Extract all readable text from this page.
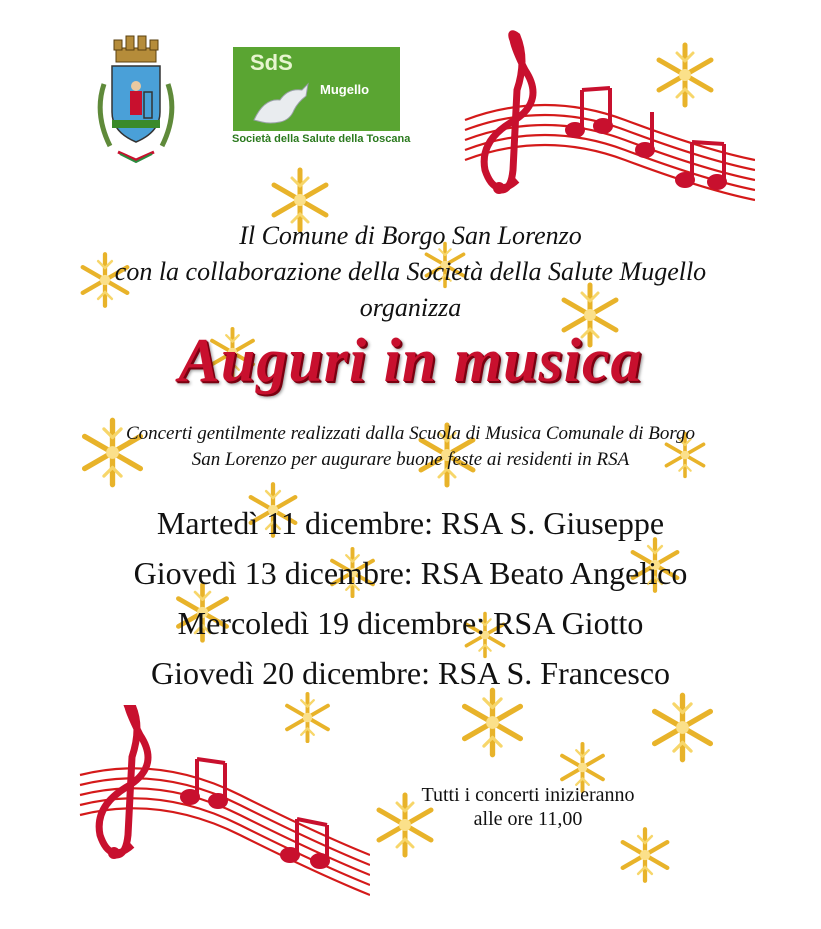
SdS
Mugello
Società della Salute della Toscana
Il Comune di Borgo San Lorenzo
con la collaborazione della Società della Salute Mugello
organizza
Auguri in musica
Concerti gentilmente realizzati dalla Scuola di Musica Comunale di Borgo
San Lorenzo per augurare buone feste ai residenti in RSA
Martedì 11 dicembre: RSA S. Giuseppe
Giovedì 13 dicembre: RSA Beato Angelico
Mercoledì 19 dicembre: RSA Giotto
Giovedì 20 dicembre: RSA S. Francesco
Tutti i concerti inizieranno
alle ore 11,00
